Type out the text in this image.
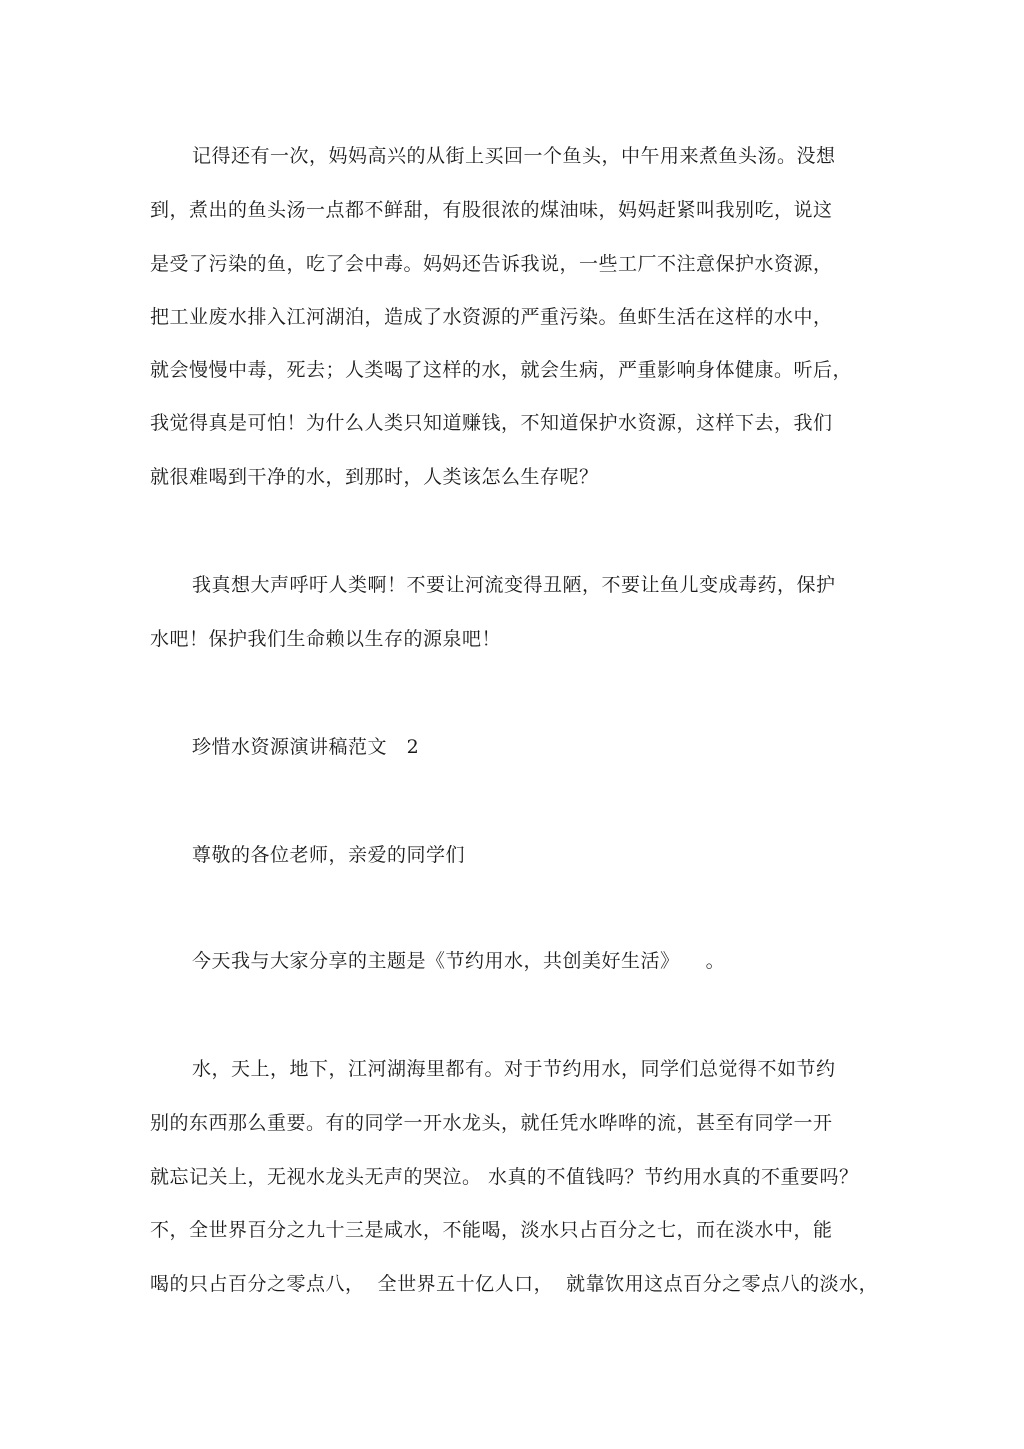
记得还有一次，妈妈高兴的从街上买回一个鱼头，中午用来煮鱼头汤。没想
到，煮出的鱼头汤一点都不鲜甜，有股很浓的煤油味，妈妈赶紧叫我别吃，说这
是受了污染的鱼，吃了会中毒。妈妈还告诉我说，一些工厂不注意保护水资源，
把工业废水排入江河湖泊，造成了水资源的严重污染。鱼虾生活在这样的水中，
就会慢慢中毒，死去；人类喝了这样的水，就会生病，严重影响身体健康。听后，
我觉得真是可怕！为什么人类只知道赚钱，不知道保护水资源，这样下去，我们
就很难喝到干净的水，到那时，人类该怎么生存呢？
我真想大声呼吁人类啊！不要让河流变得丑陋，不要让鱼儿变成毒药，保护
水吧！保护我们生命赖以生存的源泉吧！
珍惜水资源演讲稿范文   2
尊敬的各位老师，亲爱的同学们
今天我与大家分享的主题是《节约用水，共创美好生活》    。
水，天上，地下，江河湖海里都有。对于节约用水，同学们总觉得不如节约
别的东西那么重要。有的同学一开水龙头，就任凭水哗哗的流，甚至有同学一开
就忘记关上，无视水龙头无声的哭泣。 水真的不值钱吗？节约用水真的不重要吗？
不，全世界百分之九十三是咸水，不能喝，淡水只占百分之七，而在淡水中，能
喝的只占百分之零点八，  全世界五十亿人口，  就靠饮用这点百分之零点八的淡水，
